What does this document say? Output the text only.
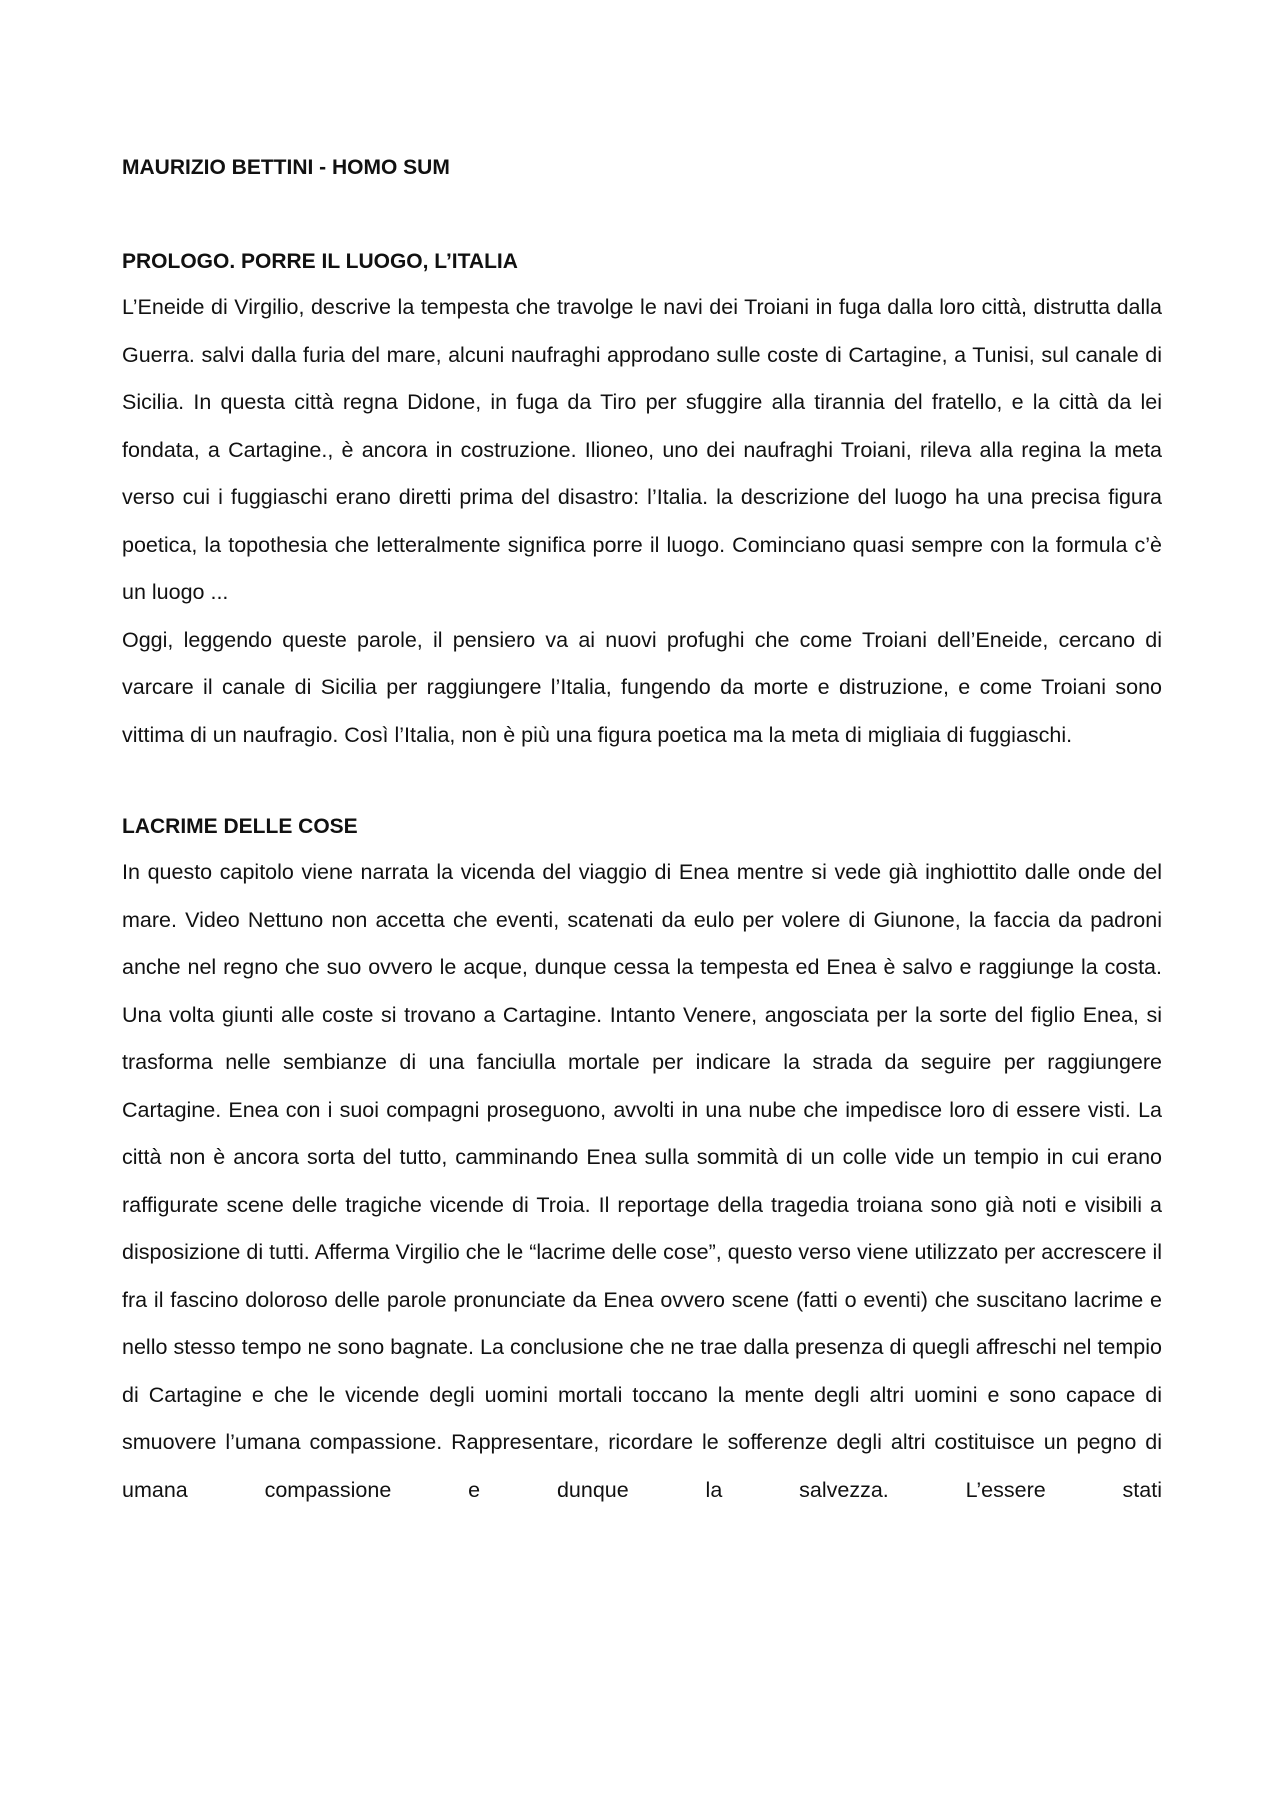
MAURIZIO BETTINI - HOMO SUM

PROLOGO. PORRE IL LUOGO, L’ITALIA

L’Eneide di Virgilio, descrive la tempesta che travolge le navi dei Troiani in fuga dalla loro città, distrutta dalla Guerra. salvi dalla furia del mare, alcuni naufraghi approdano sulle coste di Cartagine, a Tunisi, sul canale di Sicilia. In questa città regna Didone, in fuga da Tiro per sfuggire alla tirannia del fratello, e la città da lei fondata, a Cartagine., è ancora in costruzione. Ilioneo, uno dei naufraghi Troiani, rileva alla regina la meta verso cui i fuggiaschi erano diretti prima del disastro: l’Italia. la descrizione del luogo ha una precisa figura poetica, la topothesia che letteralmente significa porre il luogo. Cominciano quasi sempre con la formula c’è un luogo ...

Oggi, leggendo queste parole, il pensiero va ai nuovi profughi che come Troiani dell’Eneide, cercano di varcare il canale di Sicilia per raggiungere l’Italia, fungendo da morte e distruzione, e come Troiani sono vittima di un naufragio. Così l’Italia, non è più una figura poetica ma la meta di migliaia di fuggiaschi.

LACRIME DELLE COSE

In questo capitolo viene narrata la vicenda del viaggio di Enea mentre si vede già inghiottito dalle onde del mare. Video Nettuno non accetta che eventi, scatenati da eulo per volere di Giunone, la faccia da padroni anche nel regno che suo ovvero le acque, dunque cessa la tempesta ed Enea è salvo e raggiunge la costa. Una volta giunti alle coste si trovano a Cartagine. Intanto Venere, angosciata per la sorte del figlio Enea, si trasforma nelle sembianze di una fanciulla mortale per indicare la strada da seguire per raggiungere Cartagine. Enea con i suoi compagni proseguono, avvolti in una nube che impedisce loro di essere visti. La città non è ancora sorta del tutto, camminando Enea sulla sommità di un colle vide un tempio in cui erano raffigurate scene delle tragiche vicende di Troia. Il reportage della tragedia troiana sono già noti e visibili a disposizione di tutti. Afferma Virgilio che le “lacrime delle cose”, questo verso viene utilizzato per accrescere il fra il fascino doloroso delle parole pronunciate da Enea ovvero scene (fatti o eventi) che suscitano lacrime e nello stesso tempo ne sono bagnate. La conclusione che ne trae dalla presenza di quegli affreschi nel tempio di Cartagine e che le vicende degli uomini mortali toccano la mente degli altri uomini e sono capace di smuovere l’umana compassione. Rappresentare, ricordare le sofferenze degli altri costituisce un pegno di umana compassione e dunque la salvezza. L’essere stati
